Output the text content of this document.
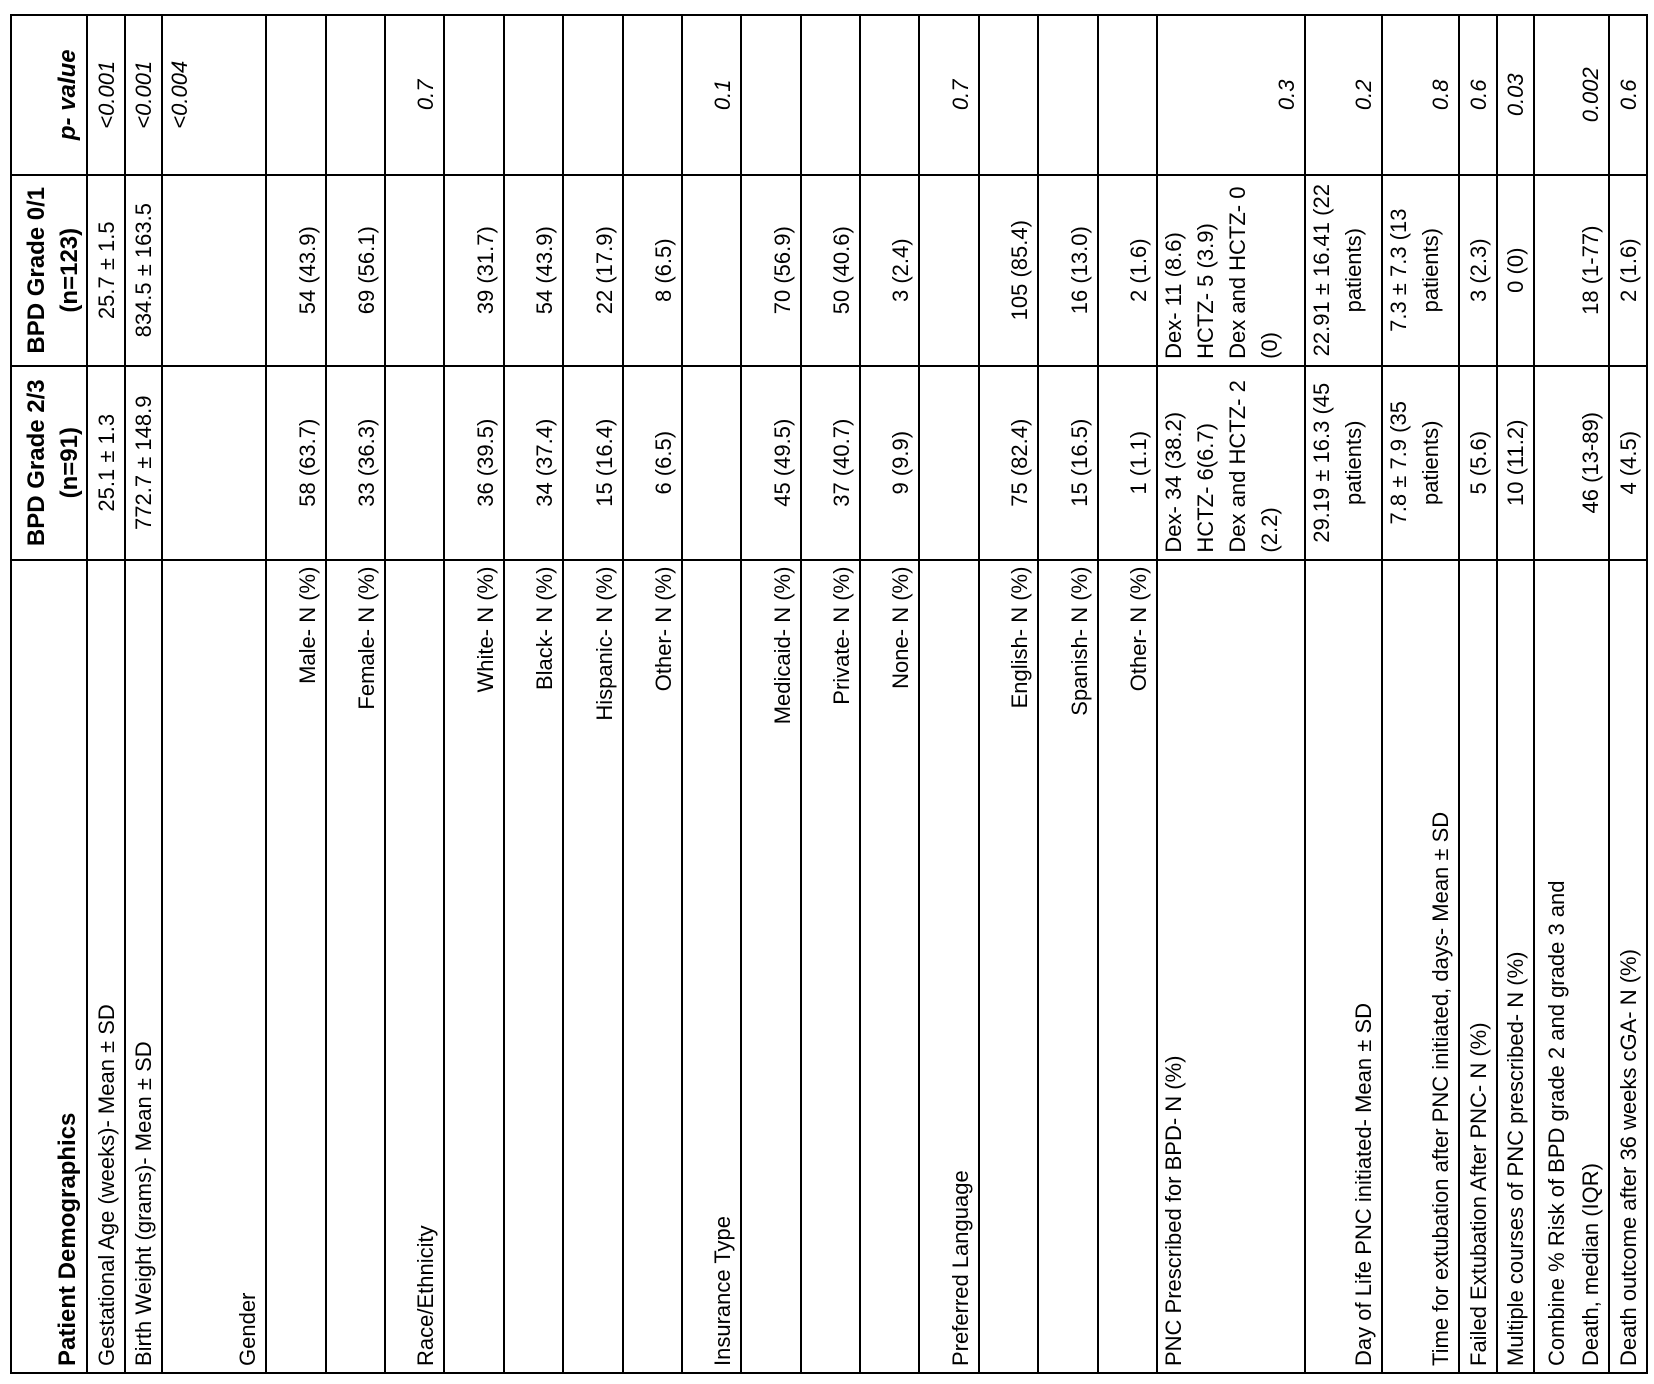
Patient Demographics	BPD Grade 2/3 (n=91)	BPD Grade 0/1 (n=123)	p- value
Gestational Age (weeks)- Mean ± SD	25.1 ± 1.3	25.7 ± 1.5	<0.001
Birth Weight (grams)- Mean ± SD	772.7 ± 148.9	834.5 ± 163.5	<0.001
Gender			<0.004
Male- N (%)	58 (63.7)	54 (43.9)	
Female- N (%)	33 (36.3)	69 (56.1)	
Race/Ethnicity			0.7
White- N (%)	36 (39.5)	39 (31.7)	
Black- N (%)	34 (37.4)	54 (43.9)	
Hispanic- N (%)	15 (16.4)	22 (17.9)	
Other- N (%)	6 (6.5)	8 (6.5)	
Insurance Type			0.1
Medicaid- N (%)	45 (49.5)	70 (56.9)	
Private- N (%)	37 (40.7)	50 (40.6)	
None- N (%)	9 (9.9)	3 (2.4)	
Preferred Language			0.7
English- N (%)	75 (82.4)	105 (85.4)	
Spanish- N (%)	15 (16.5)	16 (13.0)	
Other- N (%)	1 (1.1)	2 (1.6)	
PNC Prescribed for BPD- N (%)	Dex- 34 (38.2) HCTZ- 6(6.7) Dex and HCTZ- 2 (2.2)	Dex- 11 (8.6) HCTZ- 5 (3.9) Dex and HCTZ- 0 (0)	0.3
Day of Life PNC initiated- Mean ± SD	29.19 ± 16.3 (45 patients)	22.91 ± 16.41 (22 patients)	0.2
Time for extubation after PNC initiated, days- Mean ± SD	7.8 ± 7.9 (35 patients)	7.3 ± 7.3 (13 patients)	0.8
Failed Extubation After PNC- N (%)	5 (5.6)	3 (2.3)	0.6
Multiple courses of PNC prescribed- N (%)	10 (11.2)	0 (0)	0.03

Combine % Risk of BPD grade 2 and grade 3 and Death, median (IQR)	46 (13-89)	18 (1-77)	0.002
Death outcome after 36 weeks cGA- N (%)	4 (4.5)	2 (1.6)	0.6
